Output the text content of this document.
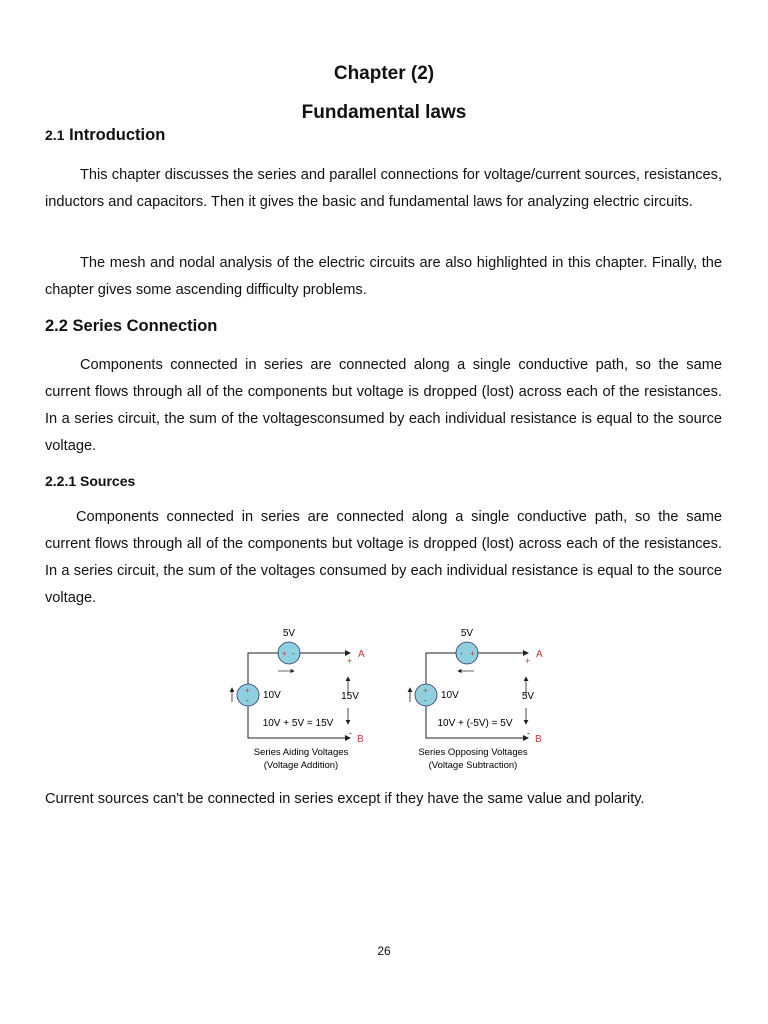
Chapter (2)
Fundamental laws
2.1 Introduction

This chapter discusses the series and parallel connections for voltage/current sources, resistances, inductors and capacitors. Then it gives the basic and fundamental laws for analyzing electric circuits.

The mesh and nodal analysis of the electric circuits are also highlighted in this chapter. Finally, the chapter gives some ascending difficulty problems.

2.2 Series Connection

Components connected in series are connected along a single conductive path, so the same current flows through all of the components but voltage is dropped (lost) across each of the resistances. In a series circuit, the sum of the voltagesconsumed by each individual resistance is equal to the source voltage.

2.2.1 Sources

Components connected in series are connected along a single conductive path, so the same current flows through all of the components but voltage is dropped (lost) across each of the resistances. In a series circuit, the sum of the voltages consumed by each individual resistance is equal to the source voltage.

+ -
+
-
5V
10V	15V
10V + 5V = 15V
A
+
B
-
Series Aiding Voltages
(Voltage Addition)
- +
+
-
5V
10V	5V
10V + (-5V) = 5V
A
+
B
-
Series Opposing Voltages
(Voltage Subtraction)

Current sources can't be connected in series except if they have the same value and polarity.

26
